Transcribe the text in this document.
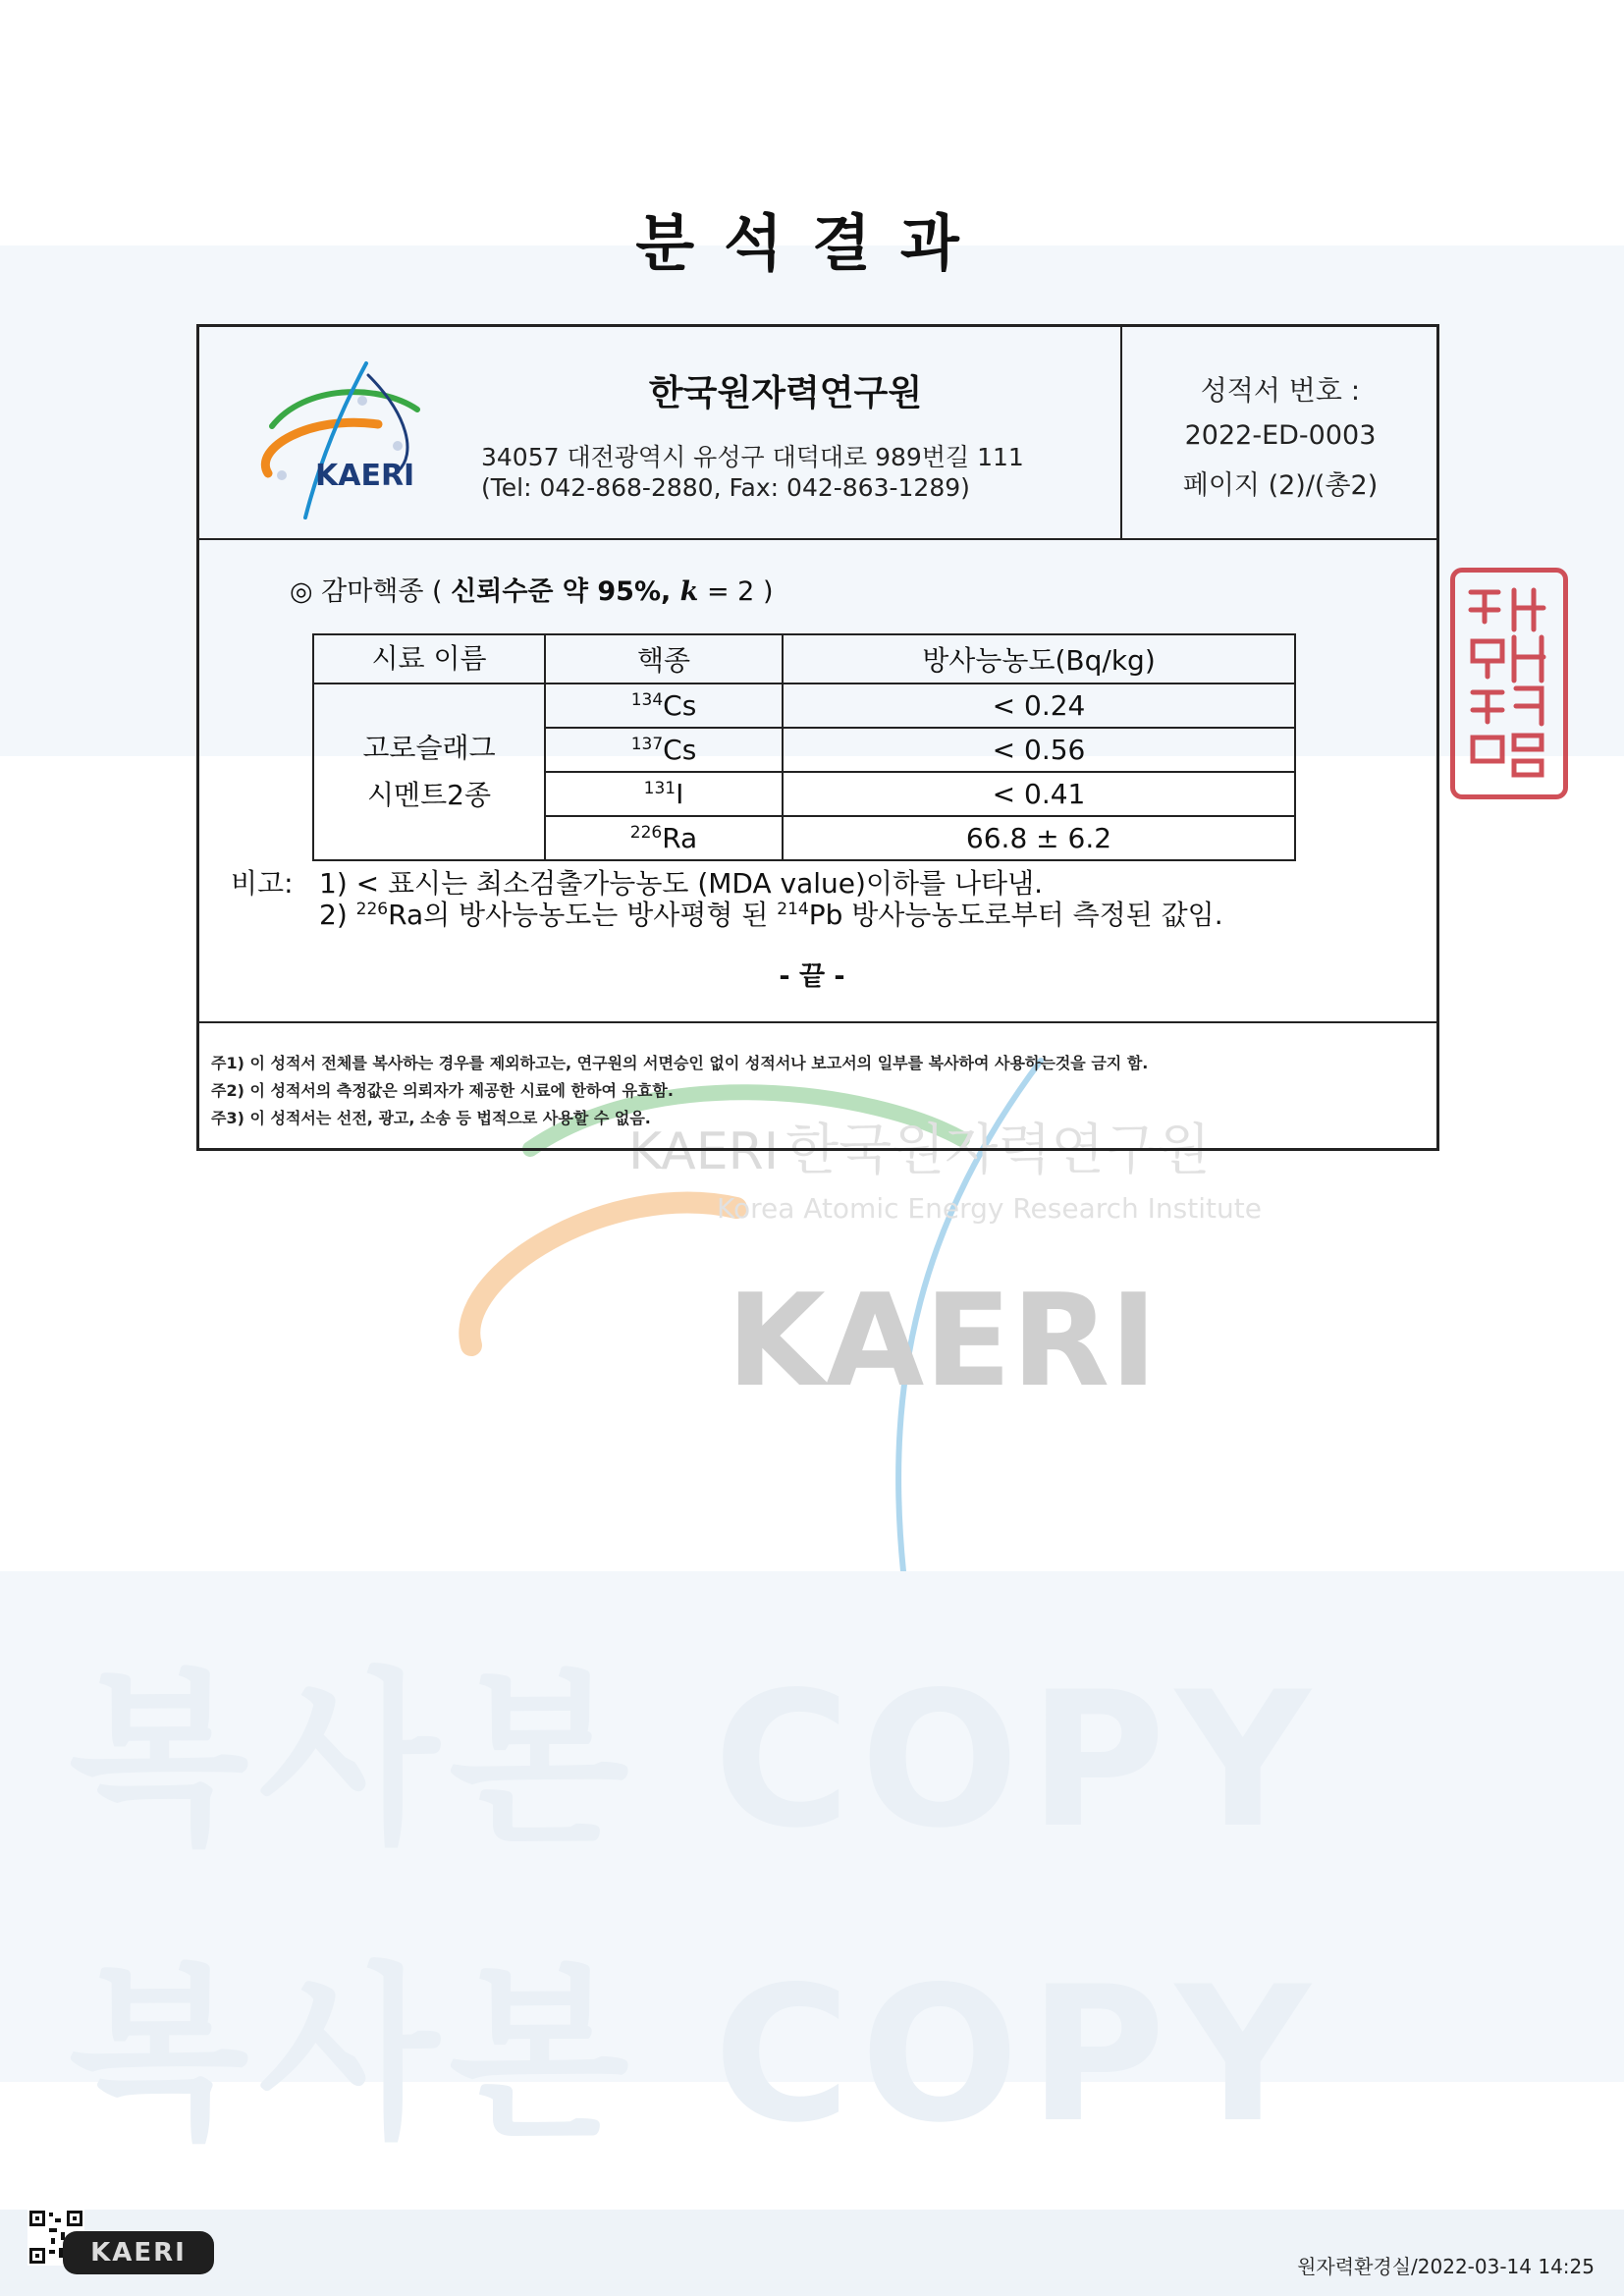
복사본 COPY
복사본 COPY
KAERI 한국원자력연구원
Korea Atomic Energy Research Institute
KAERI
분석결과
KAERI
한국원자력연구원
34057 대전광역시 유성구 대덕대로 989번길 111
(Tel: 042-868-2880, Fax: 042-863-1289)
성적서 번호 :
2022-ED-0003
페이지 (2)/(총2)
◎ 감마핵종 ( 신뢰수준 약 95%, k = 2 )
시료 이름	핵종	방사능농도(Bq/kg)

고로슬래그
시멘트2종	$^{134}$Cs	< 0.24
	$^{137}$Cs	< 0.56
	$^{131}$I	< 0.41
	$^{226}$Ra	66.8 ± 6.2
비고: 1) < 표시는 최소검출가능농도 (MDA value)이하를 나타냄.
2) $^{226}$Ra의 방사능농도는 방사평형 된 $^{214}$Pb 방사능농도로부터 측정된 값임.
- 끝 -
주1) 이 성적서 전체를 복사하는 경우를 제외하고는, 연구원의 서면승인 없이 성적서나 보고서의 일부를 복사하여 사용하는것을 금지 함.
주2) 이 성적서의 측정값은 의뢰자가 제공한 시료에 한하여 유효함.
주3) 이 성적서는 선전, 광고, 소송 등 법적으로 사용할 수 없음.
KAERI	원자력환경실/2022-03-14 14:25
